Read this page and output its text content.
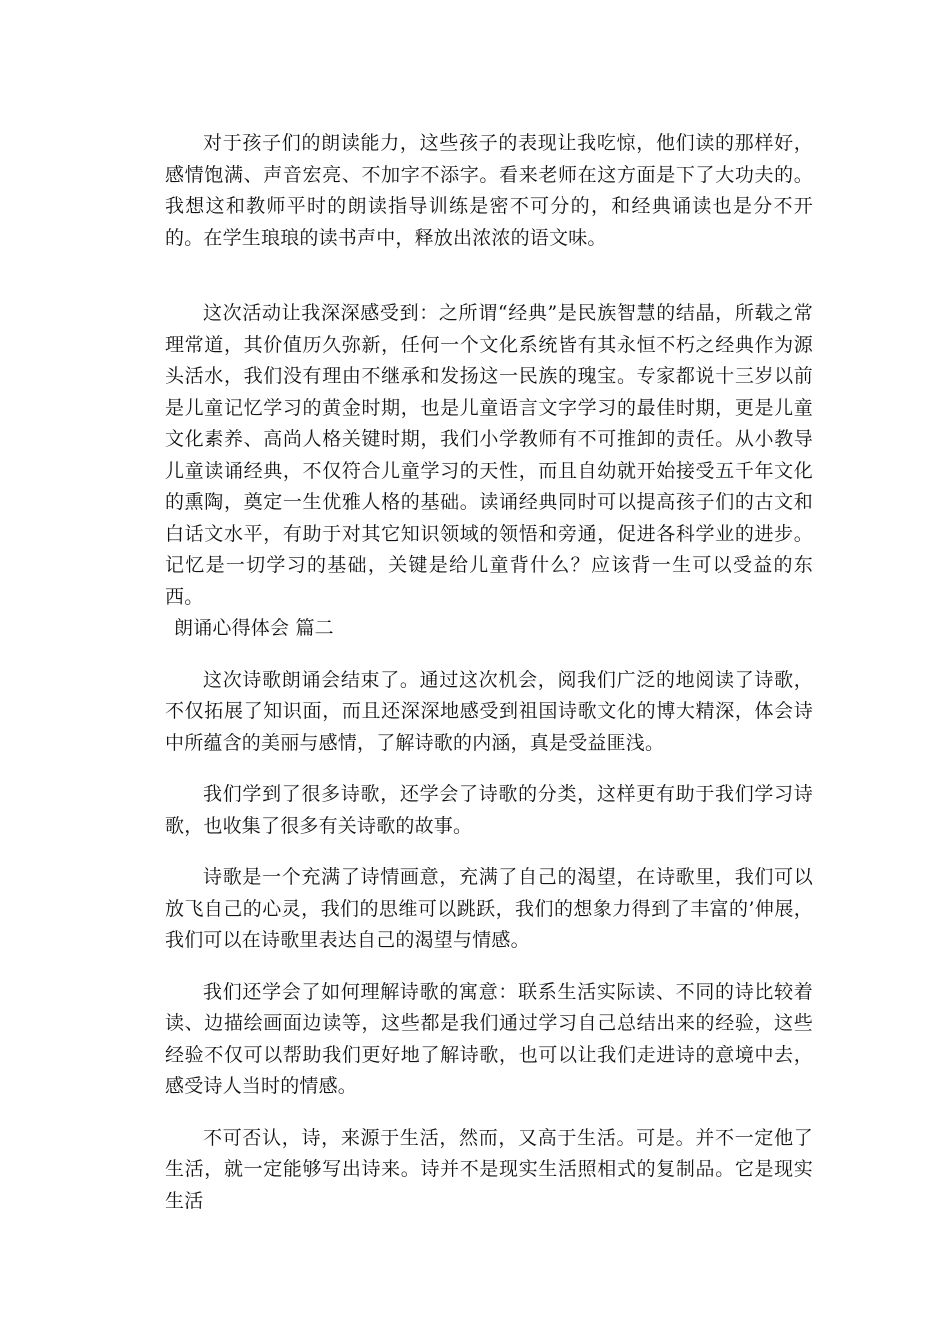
对于孩子们的朗读能力，这些孩子的表现让我吃惊，他们读的那样好，感情饱满、声音宏亮、不加字不添字。看来老师在这方面是下了大功夫的。我想这和教师平时的朗读指导训练是密不可分的，和经典诵读也是分不开的。在学生琅琅的读书声中，释放出浓浓的语文味。

这次活动让我深深感受到：之所谓“经典”是民族智慧的结晶，所载之常理常道，其价值历久弥新，任何一个文化系统皆有其永恒不朽之经典作为源头活水，我们没有理由不继承和发扬这一民族的瑰宝。专家都说十三岁以前是儿童记忆学习的黄金时期，也是儿童语言文字学习的最佳时期，更是儿童文化素养、高尚人格关键时期，我们小学教师有不可推卸的责任。从小教导儿童读诵经典，不仅符合儿童学习的天性，而且自幼就开始接受五千年文化的熏陶，奠定一生优雅人格的基础。读诵经典同时可以提高孩子们的古文和白话文水平，有助于对其它知识领域的领悟和旁通，促进各科学业的进步。记忆是一切学习的基础，关键是给儿童背什么？应该背一生可以受益的东西。

朗诵心得体会 篇二

这次诗歌朗诵会结束了。通过这次机会，阅我们广泛的地阅读了诗歌，不仅拓展了知识面，而且还深深地感受到祖国诗歌文化的博大精深，体会诗中所蕴含的美丽与感情，了解诗歌的内涵，真是受益匪浅。

我们学到了很多诗歌，还学会了诗歌的分类，这样更有助于我们学习诗歌，也收集了很多有关诗歌的故事。

诗歌是一个充满了诗情画意，充满了自己的渴望，在诗歌里，我们可以放飞自己的心灵，我们的思维可以跳跃，我们的想象力得到了丰富的’伸展，我们可以在诗歌里表达自己的渴望与情感。

我们还学会了如何理解诗歌的寓意：联系生活实际读、不同的诗比较着读、边描绘画面边读等，这些都是我们通过学习自己总结出来的经验，这些经验不仅可以帮助我们更好地了解诗歌，也可以让我们走进诗的意境中去，感受诗人当时的情感。

不可否认，诗，来源于生活，然而，又高于生活。可是。并不一定他了生活，就一定能够写出诗来。诗并不是现实生活照相式的复制品。它是现实生活
